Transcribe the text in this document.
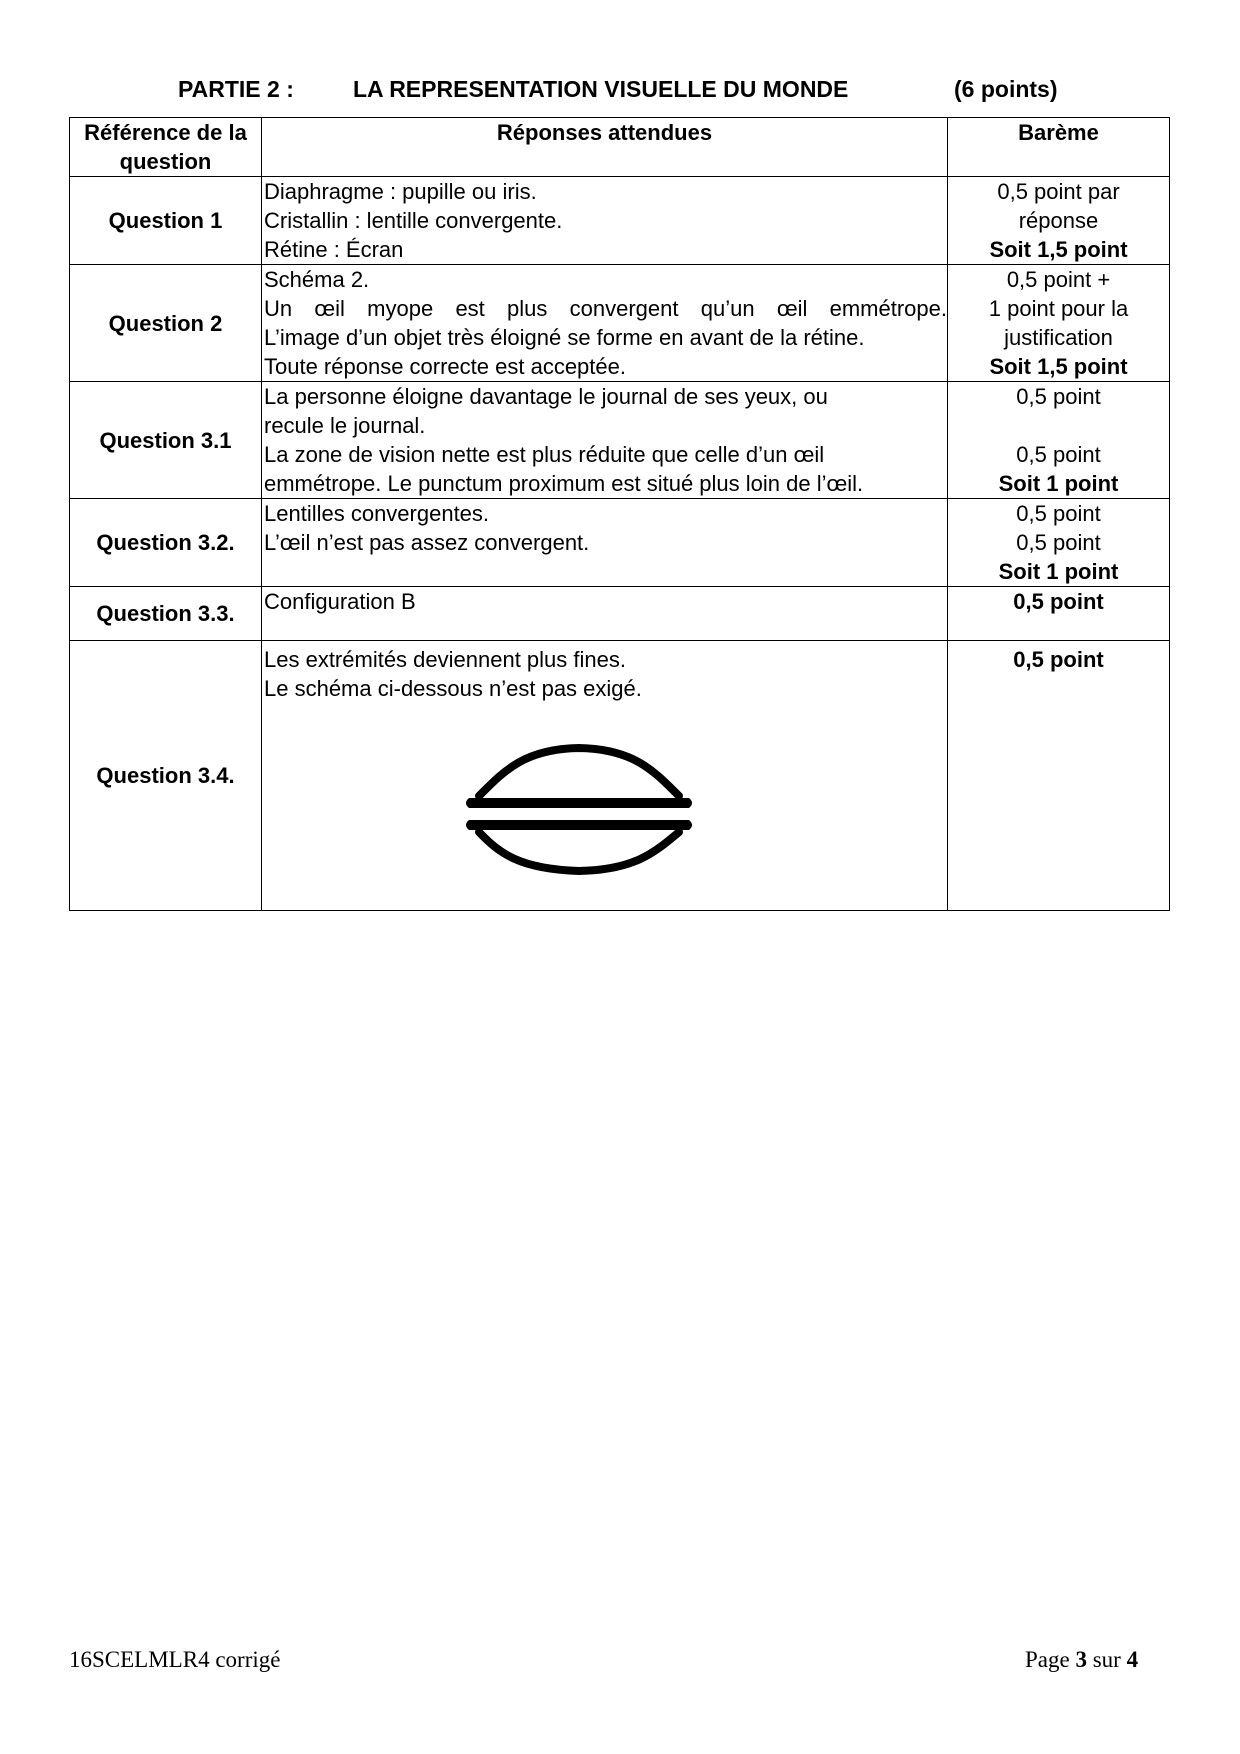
PARTIE 2 :	LA REPRESENTATION VISUELLE DU MONDE	(6 points)
Référence de la
question	Réponses attendues	Barème
Question 1	Diaphragme : pupille ou iris.
Cristallin : lentille convergente.
Rétine : Écran	0,5 point par
réponse
Soit 1,5 point

Question 2	Schéma 2.
Un œil myope est plus convergent qu’un œil emmétrope.
L’image d’un objet très éloigné se forme en avant de la rétine.
Toute réponse correcte est acceptée.	0,5 point +
1 point pour la
justification
Soit 1,5 point

Question 3.1	La personne éloigne davantage le journal de ses yeux, ou
recule le journal.
La zone de vision nette est plus réduite que celle d’un œil
emmétrope. Le punctum proximum est situé plus loin de l’œil.	0,5 point
0,5 point
Soit 1 point

Question 3.2.	Lentilles convergentes.
L’œil n’est pas assez convergent.	0,5 point
0,5 point
Soit 1 point

Question 3.3.	Configuration B	0,5 point

Question 3.4.	Les extrémités deviennent plus fines.
Le schéma ci-dessous n’est pas exigé.	0,5 point
16SCELMLR4 corrigé	Page 3 sur 4
